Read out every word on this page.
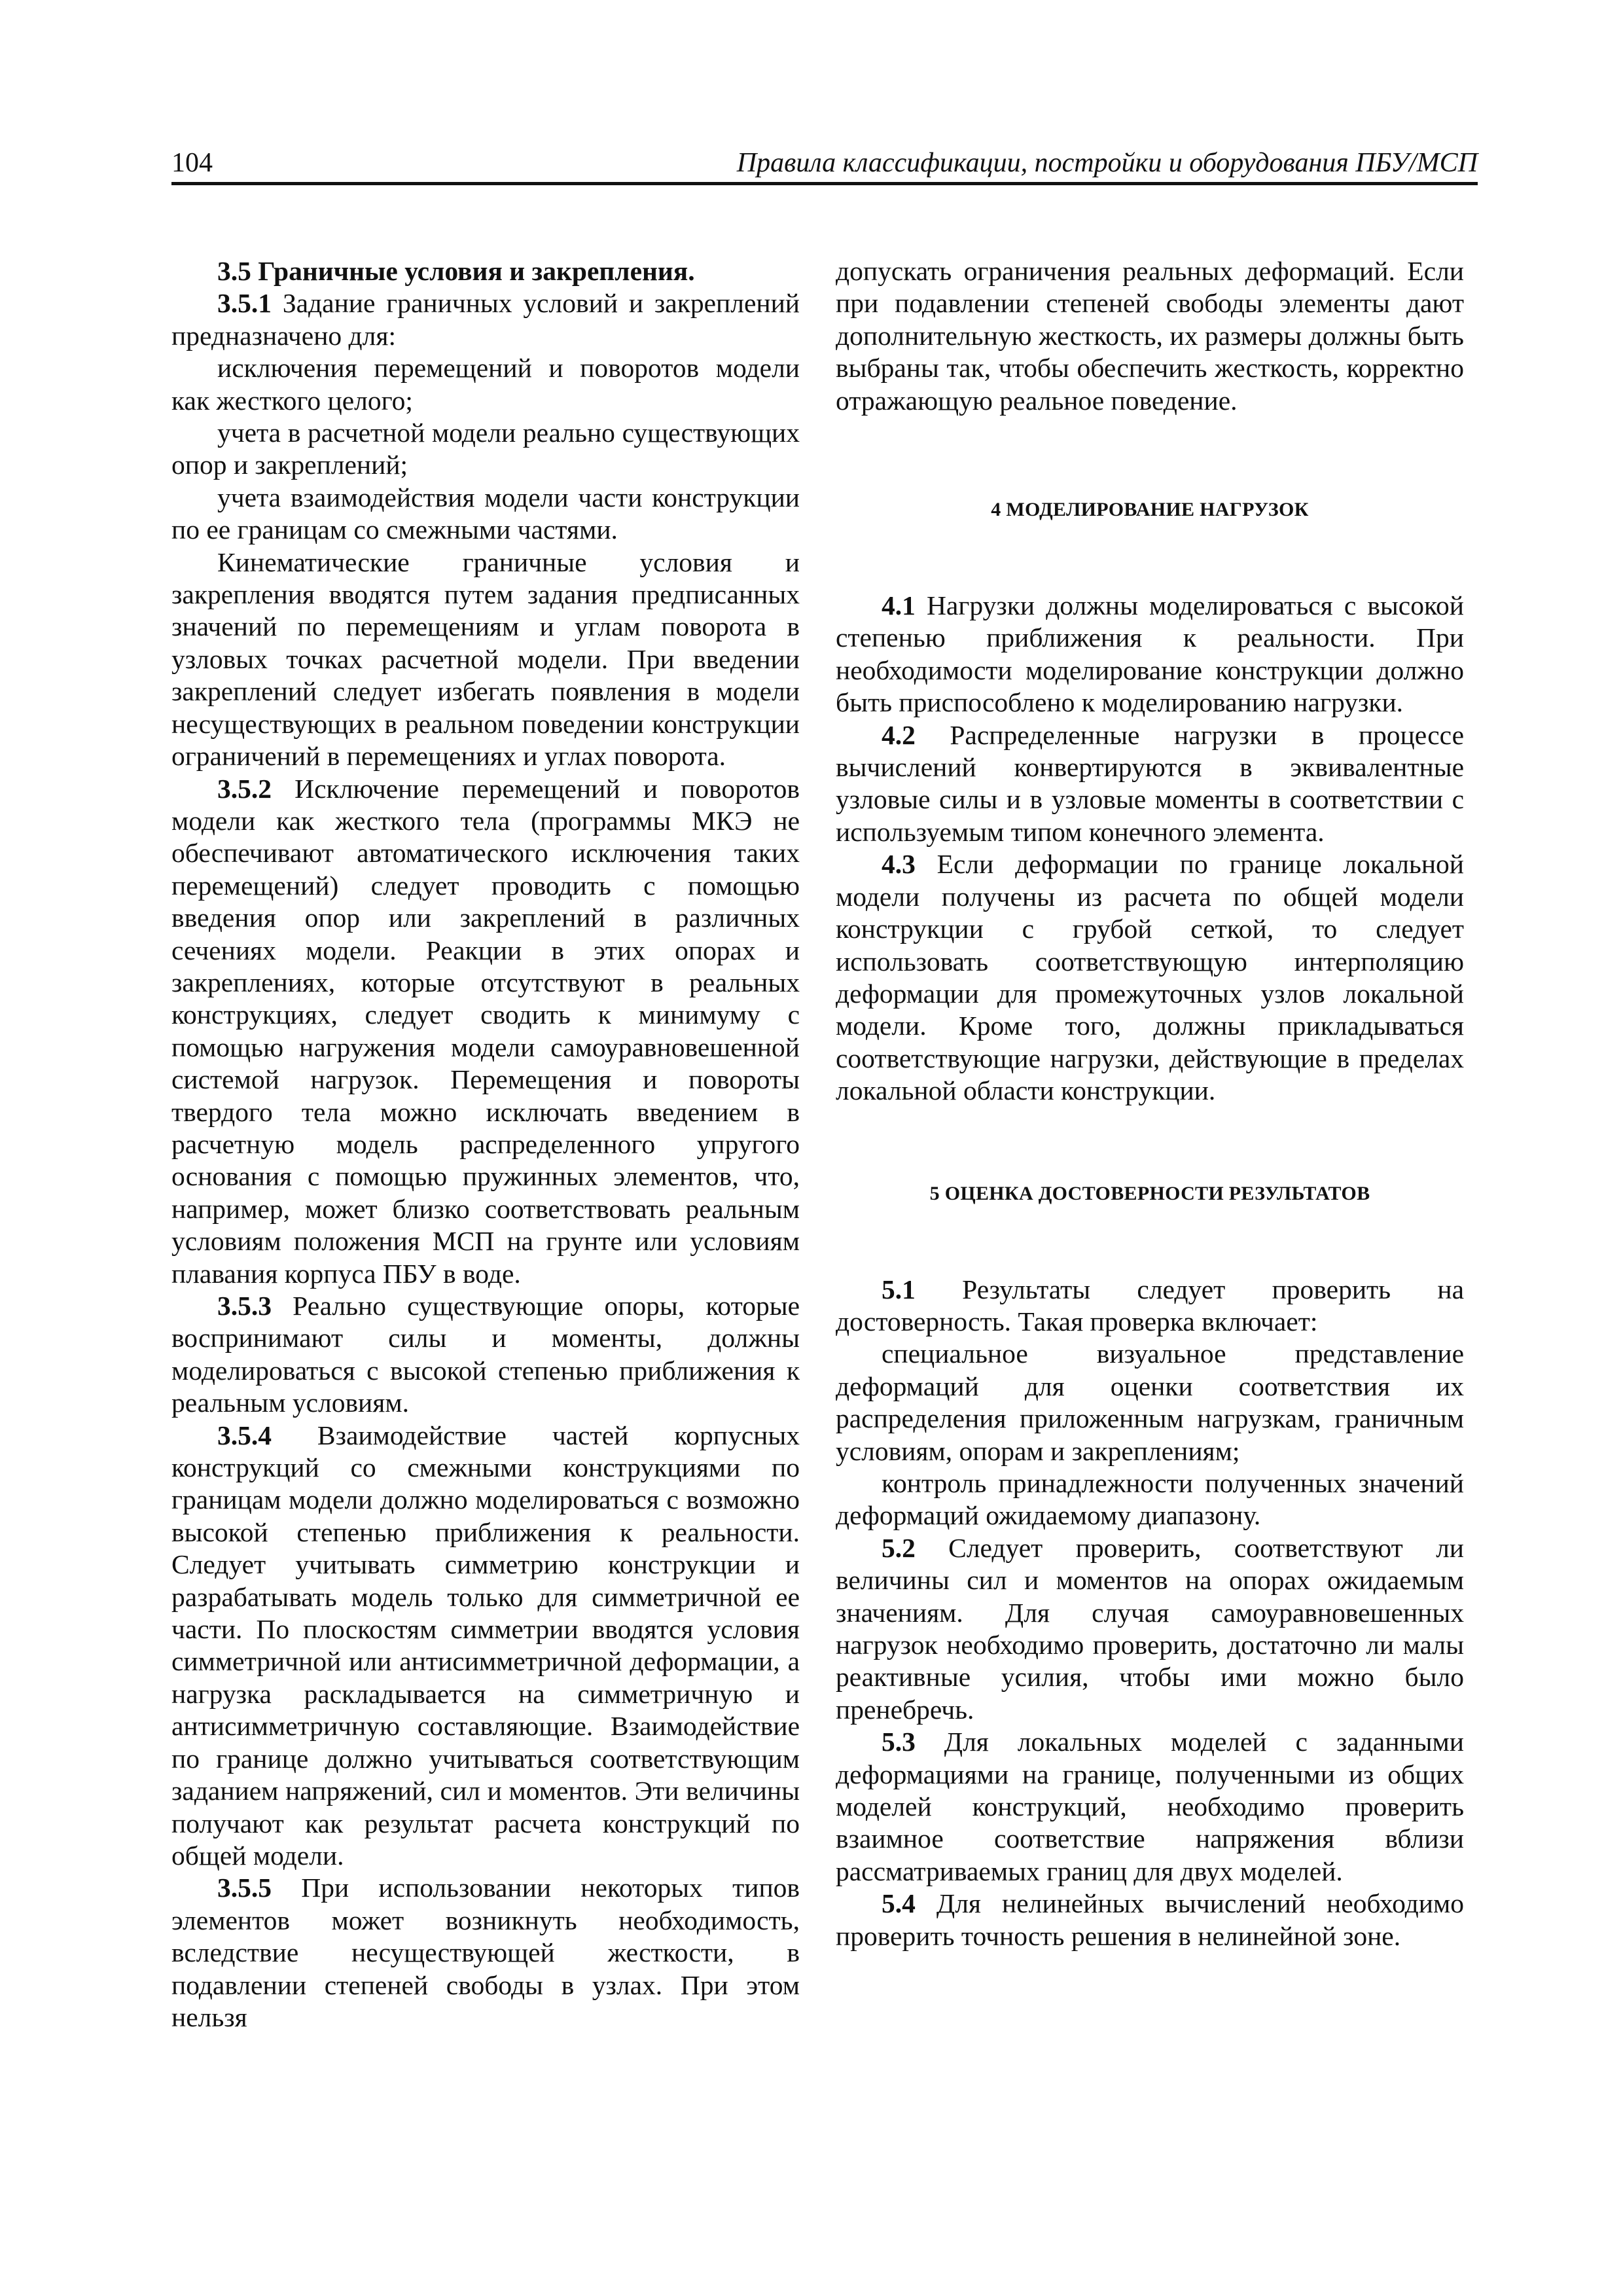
104	Правила классификации, постройки и оборудования ПБУ/МСП

3.5 Граничные условия и закрепления.

3.5.1 Задание граничных условий и закреплений предназначено для:

исключения перемещений и поворотов модели как жесткого целого;

учета в расчетной модели реально существующих опор и закреплений;

учета взаимодействия модели части конструкции по ее границам со смежными частями.

Кинематические граничные условия и закрепления вводятся путем задания предписанных значений по перемещениям и углам поворота в узловых точках расчетной модели. При введении закреплений следует избегать появления в модели несуществующих в реальном поведении конструкции ограничений в перемещениях и углах поворота.

3.5.2 Исключение перемещений и поворотов модели как жесткого тела (программы МКЭ не обеспечивают автоматического исключения таких перемещений) следует проводить с помощью введения опор или закреплений в различных сечениях модели. Реакции в этих опорах и закреплениях, которые отсутствуют в реальных конструкциях, следует сводить к минимуму с помощью нагружения модели самоуравновешенной системой нагрузок. Перемещения и повороты твердого тела можно исключать введением в расчетную модель распределенного упругого основания с помощью пружинных элементов, что, например, может близко соответствовать реальным условиям положения МСП на грунте или условиям плавания корпуса ПБУ в воде.

3.5.3 Реально существующие опоры, которые воспринимают силы и моменты, должны моделироваться с высокой степенью приближения к реальным условиям.

3.5.4 Взаимодействие частей корпусных конструкций со смежными конструкциями по границам модели должно моделироваться с возможно высокой степенью приближения к реальности. Следует учитывать симметрию конструкции и разрабатывать модель только для симметричной ее части. По плоскостям симметрии вводятся условия симметричной или антисимметричной деформации, а нагрузка раскладывается на симметричную и антисимметричную составляющие. Взаимодействие по границе должно учитываться соответствующим заданием напряжений, сил и моментов. Эти величины получают как результат расчета конструкций по общей модели.

3.5.5 При использовании некоторых типов элементов может возникнуть необходимость, вследствие несуществующей жесткости, в подавлении степеней свободы в узлах. При этом нельзя

допускать ограничения реальных деформаций. Если при подавлении степеней свободы элементы дают дополнительную жесткость, их размеры должны быть выбраны так, чтобы обеспечить жесткость, корректно отражающую реальное поведение.

4 МОДЕЛИРОВАНИЕ НАГРУЗОК

4.1 Нагрузки должны моделироваться с высокой степенью приближения к реальности. При необходимости моделирование конструкции должно быть приспособлено к моделированию нагрузки.

4.2 Распределенные нагрузки в процессе вычислений конвертируются в эквивалентные узловые силы и в узловые моменты в соответствии с используемым типом конечного элемента.

4.3 Если деформации по границе локальной модели получены из расчета по общей модели конструкции с грубой сеткой, то следует использовать соответствующую интерполяцию деформации для промежуточных узлов локальной модели. Кроме того, должны прикладываться соответствующие нагрузки, действующие в пределах локальной области конструкции.

5 ОЦЕНКА ДОСТОВЕРНОСТИ РЕЗУЛЬТАТОВ

5.1 Результаты следует проверить на достоверность. Такая проверка включает:

специальное визуальное представление деформаций для оценки соответствия их распределения приложенным нагрузкам, граничным условиям, опорам и закреплениям;

контроль принадлежности полученных значений деформаций ожидаемому диапазону.

5.2 Следует проверить, соответствуют ли величины сил и моментов на опорах ожидаемым значениям. Для случая самоуравновешенных нагрузок необходимо проверить, достаточно ли малы реактивные усилия, чтобы ими можно было пренебречь.

5.3 Для локальных моделей с заданными деформациями на границе, полученными из общих моделей конструкций, необходимо проверить взаимное соответствие напряжения вблизи рассматриваемых границ для двух моделей.

5.4 Для нелинейных вычислений необходимо проверить точность решения в нелинейной зоне.
